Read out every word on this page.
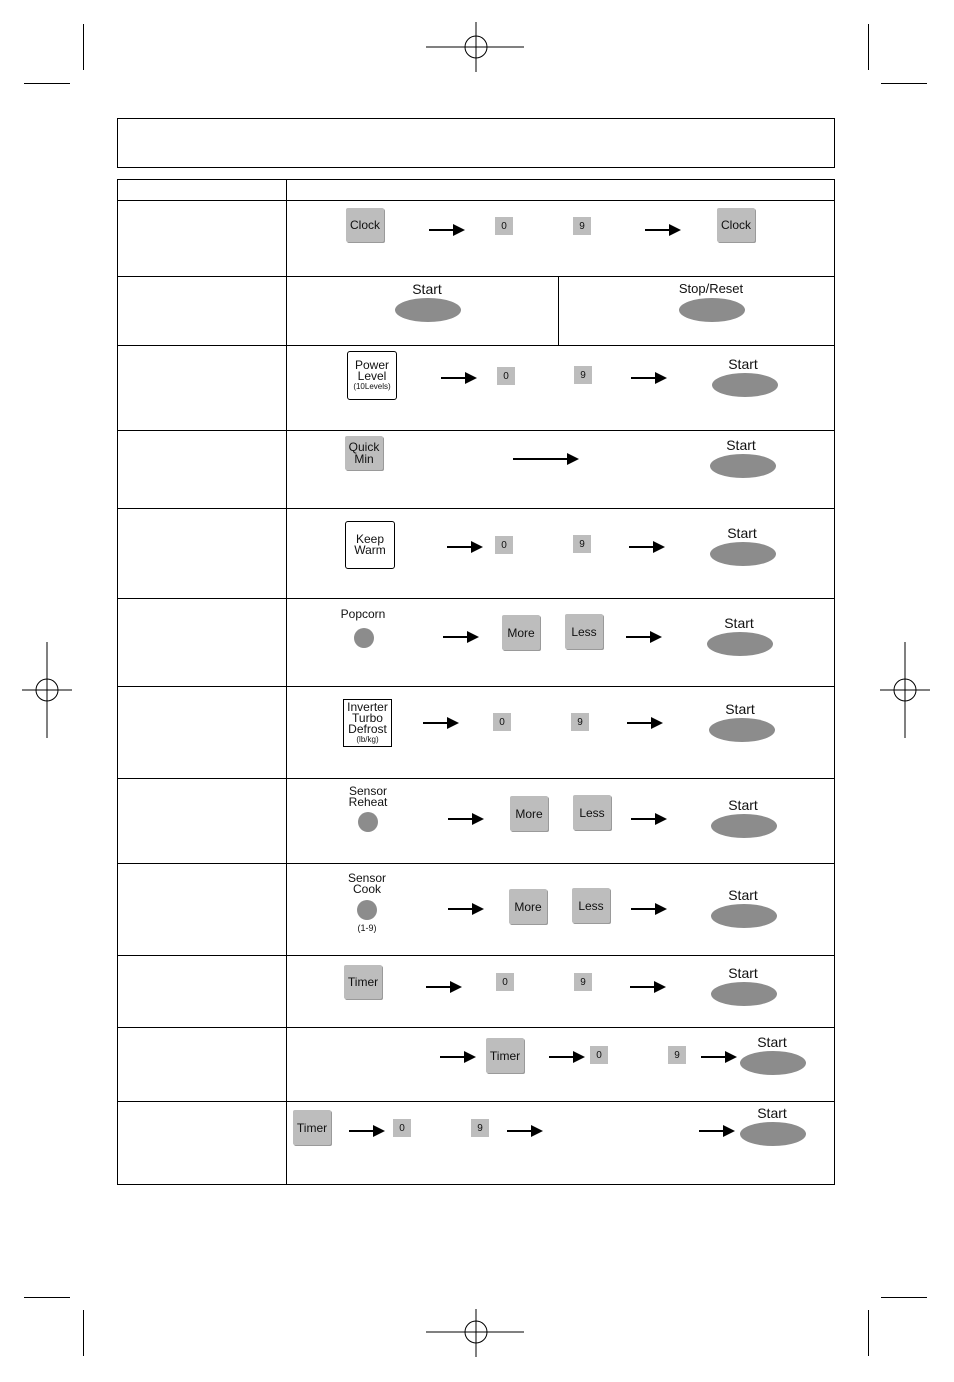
Clock	0	9	Clock
Start	Stop/Reset
Power
Level
(10Levels)
0	9
Start
Quick
Min
Start
Keep
Warm	0	9
Start
Popcorn
More	Less
Start
Inverter
Turbo
Defrost
(lb/kg)
0	9
Start
Sensor
Reheat
More	Less	Start
Sensor
Cook
(1-9)
More	Less
Start
Timer	0	9
Start
Timer	0	9
Start
Timer	0	9
Start
